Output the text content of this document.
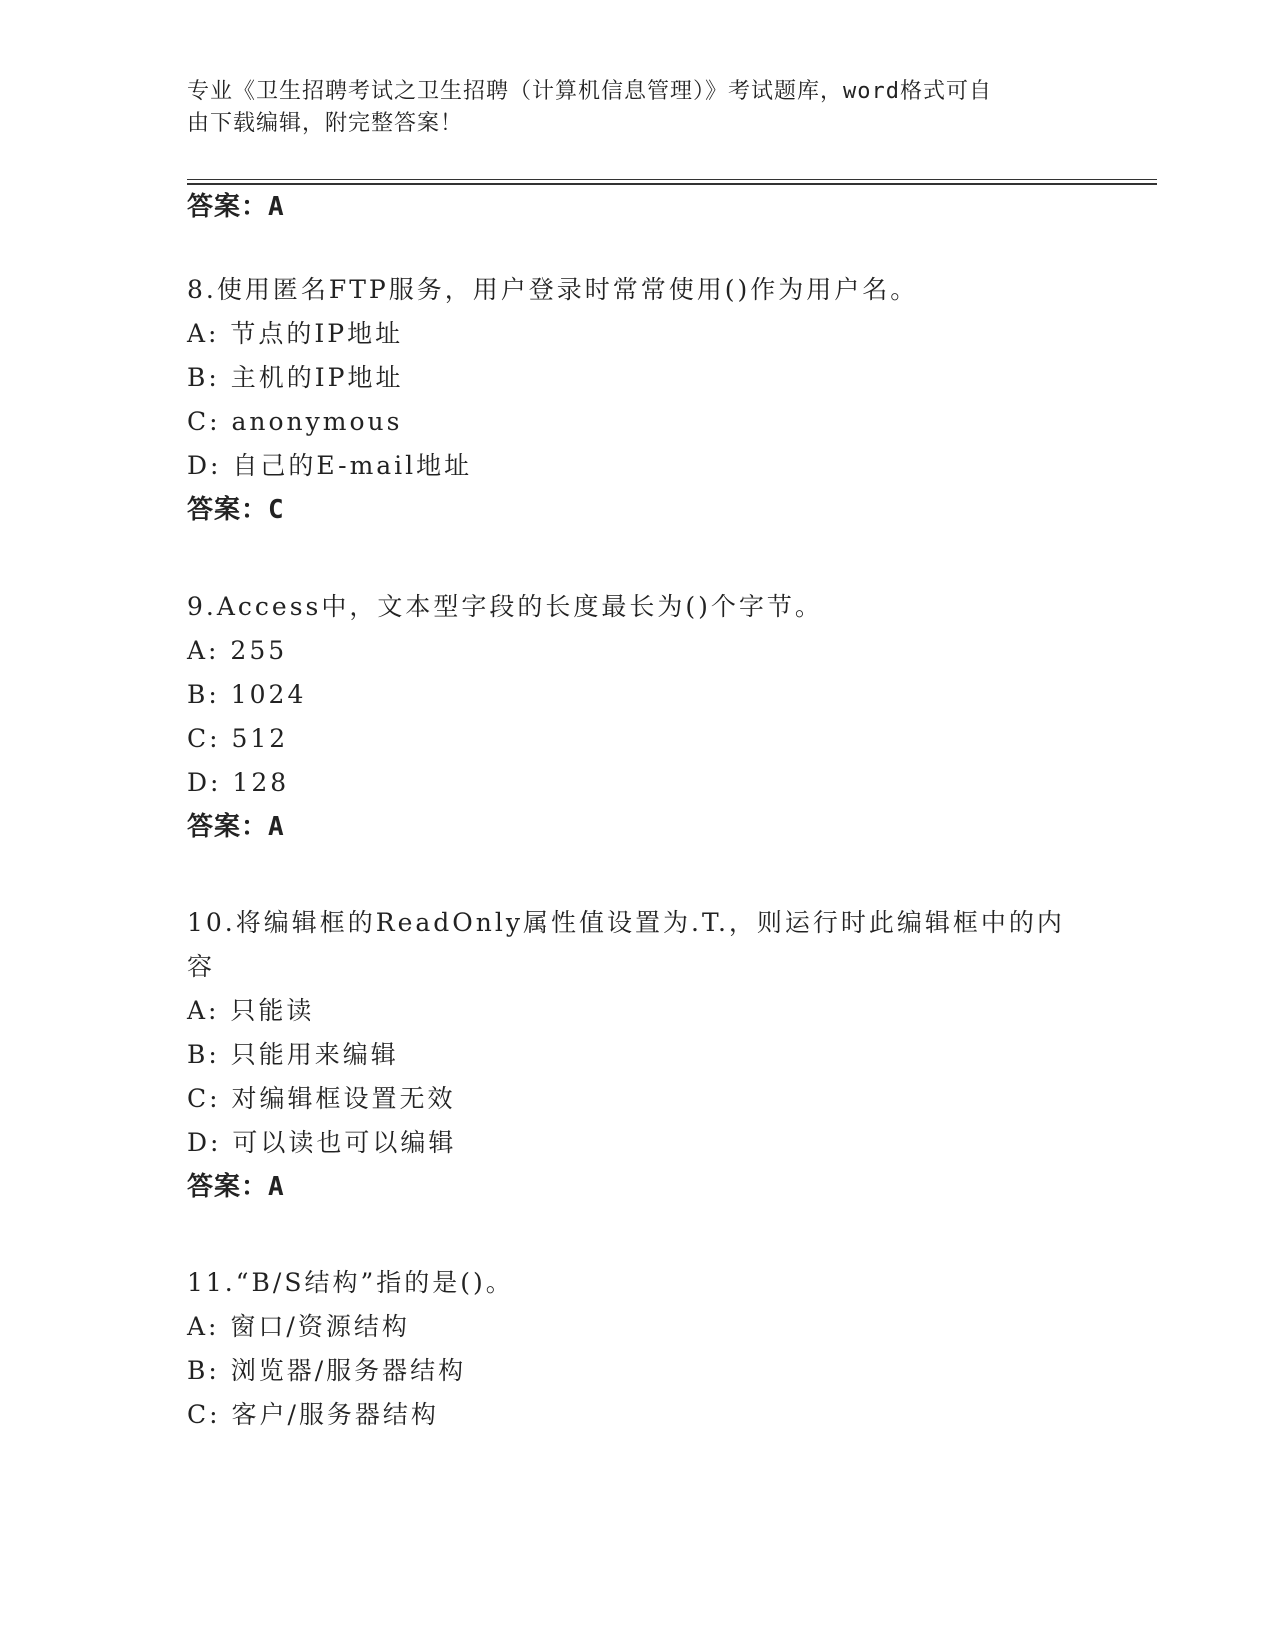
专业《卫生招聘考试之卫生招聘（计算机信息管理）》考试题库，word格式可自
由下载编辑，附完整答案！
答案：A
8.使用匿名FTP服务，用户登录时常常使用()作为用户名。
A: 节点的IP地址
B: 主机的IP地址
C: anonymous
D: 自己的E-mail地址
答案：C
9.Access中，文本型字段的长度最长为()个字节。
A: 255
B: 1024
C: 512
D: 128
答案：A
10.将编辑框的ReadOnly属性值设置为.T.，则运行时此编辑框中的内
容
A: 只能读
B: 只能用来编辑
C: 对编辑框设置无效
D: 可以读也可以编辑
答案：A
11.“B/S结构”指的是()。
A: 窗口/资源结构
B: 浏览器/服务器结构
C: 客户/服务器结构
